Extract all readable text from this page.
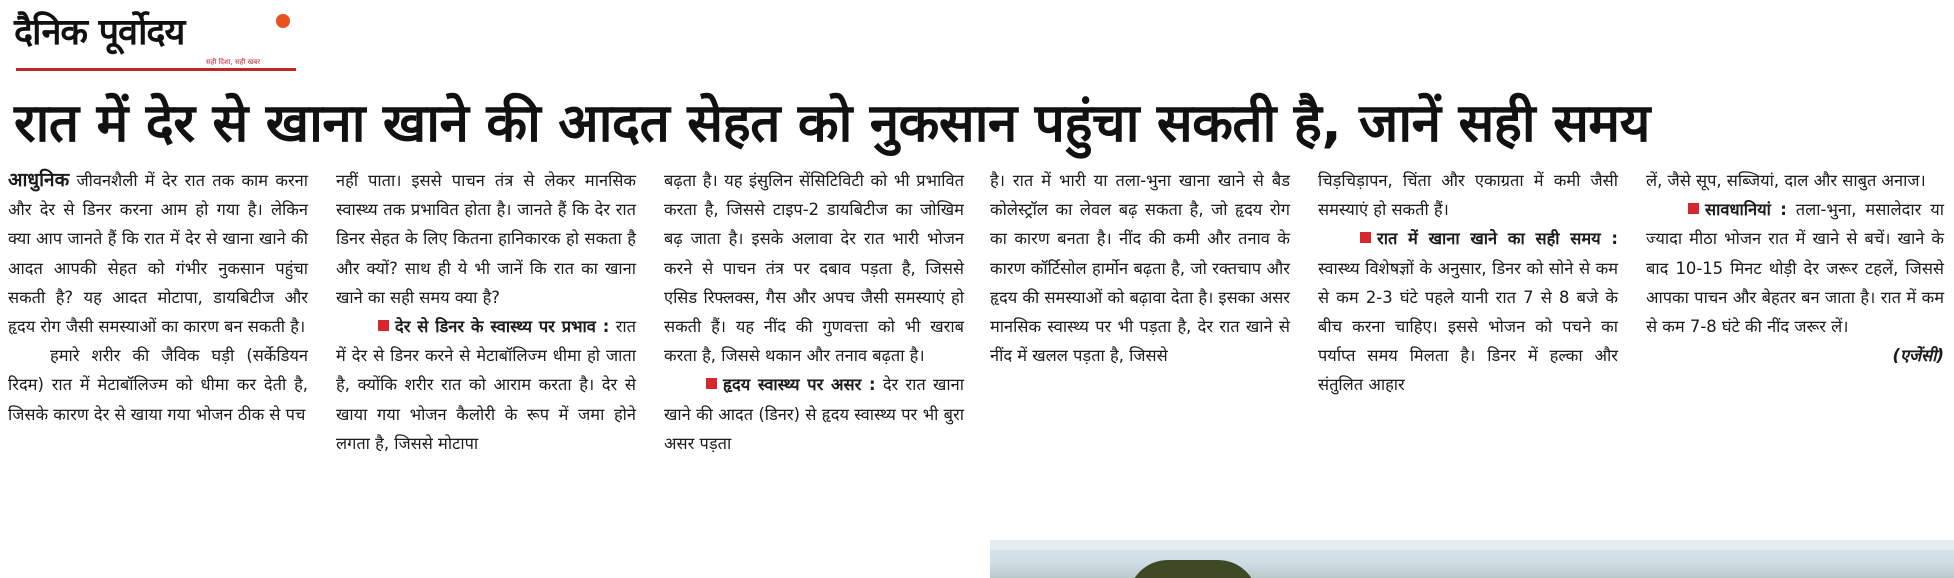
दैनिक पूर्वोदय
सही दिशा, सही खबर
रात में देर से खाना खाने की आदत सेहत को नुकसान पहुंचा सकती है, जानें सही समय

आधुनिक जीवनशैली में देर रात तक काम करना और देर से डिनर करना आम हो गया है। लेकिन क्या आप जानते हैं कि रात में देर से खाना खाने की आदत आपकी सेहत को गंभीर नुकसान पहुंचा सकती है? यह आदत मोटापा, डायबिटीज और हृदय रोग जैसी समस्याओं का कारण बन सकती है।

हमारे शरीर की जैविक घड़ी (सर्केडियन रिदम) रात में मेटाबॉलिज्म को धीमा कर देती है, जिसके कारण देर से खाया गया भोजन ठीक से पच

नहीं पाता। इससे पाचन तंत्र से लेकर मानसिक स्वास्थ्य तक प्रभावित होता है। जानते हैं कि देर रात डिनर सेहत के लिए कितना हानिकारक हो सकता है और क्यों? साथ ही ये भी जानें कि रात का खाना खाने का सही समय क्या है?

देर से डिनर के स्वास्थ्य पर प्रभाव : रात में देर से डिनर करने से मेटाबॉलिज्म धीमा हो जाता है, क्योंकि शरीर रात को आराम करता है। देर से खाया गया भोजन कैलोरी के रूप में जमा होने लगता है, जिससे मोटापा

बढ़ता है। यह इंसुलिन सेंसिटिविटी को भी प्रभावित करता है, जिससे टाइप-2 डायबिटीज का जोखिम बढ़ जाता है। इसके अलावा देर रात भारी भोजन करने से पाचन तंत्र पर दबाव पड़ता है, जिससे एसिड रिफ्लक्स, गैस और अपच जैसी समस्याएं हो सकती हैं। यह नींद की गुणवत्ता को भी खराब करता है, जिससे थकान और तनाव बढ़ता है।

हृदय स्वास्थ्य पर असर : देर रात खाना खाने की आदत (डिनर) से हृदय स्वास्थ्य पर भी बुरा असर पड़ता

है। रात में भारी या तला-भुना खाना खाने से बैड कोलेस्ट्रॉल का लेवल बढ़ सकता है, जो हृदय रोग का कारण बनता है। नींद की कमी और तनाव के कारण कॉर्टिसोल हार्मोन बढ़ता है, जो रक्तचाप और हृदय की समस्याओं को बढ़ावा देता है। इसका असर मानसिक स्वास्थ्य पर भी पड़ता है, देर रात खाने से नींद में खलल पड़ता है, जिससे

चिड़चिड़ापन, चिंता और एकाग्रता में कमी जैसी समस्याएं हो सकती हैं।

रात में खाना खाने का सही समय : स्वास्थ्य विशेषज्ञों के अनुसार, डिनर को सोने से कम से कम 2-3 घंटे पहले यानी रात 7 से 8 बजे के बीच करना चाहिए। इससे भोजन को पचने का पर्याप्त समय मिलता है। डिनर में हल्का और संतुलित आहार

लें, जैसे सूप, सब्जियां, दाल और साबुत अनाज।

सावधानियां : तला-भुना, मसालेदार या ज्यादा मीठा भोजन रात में खाने से बचें। खाने के बाद 10-15 मिनट थोड़ी देर जरूर टहलें, जिससे आपका पाचन और बेहतर बन जाता है। रात में कम से कम 7-8 घंटे की नींद जरूर लें।

(एजेंसी)
